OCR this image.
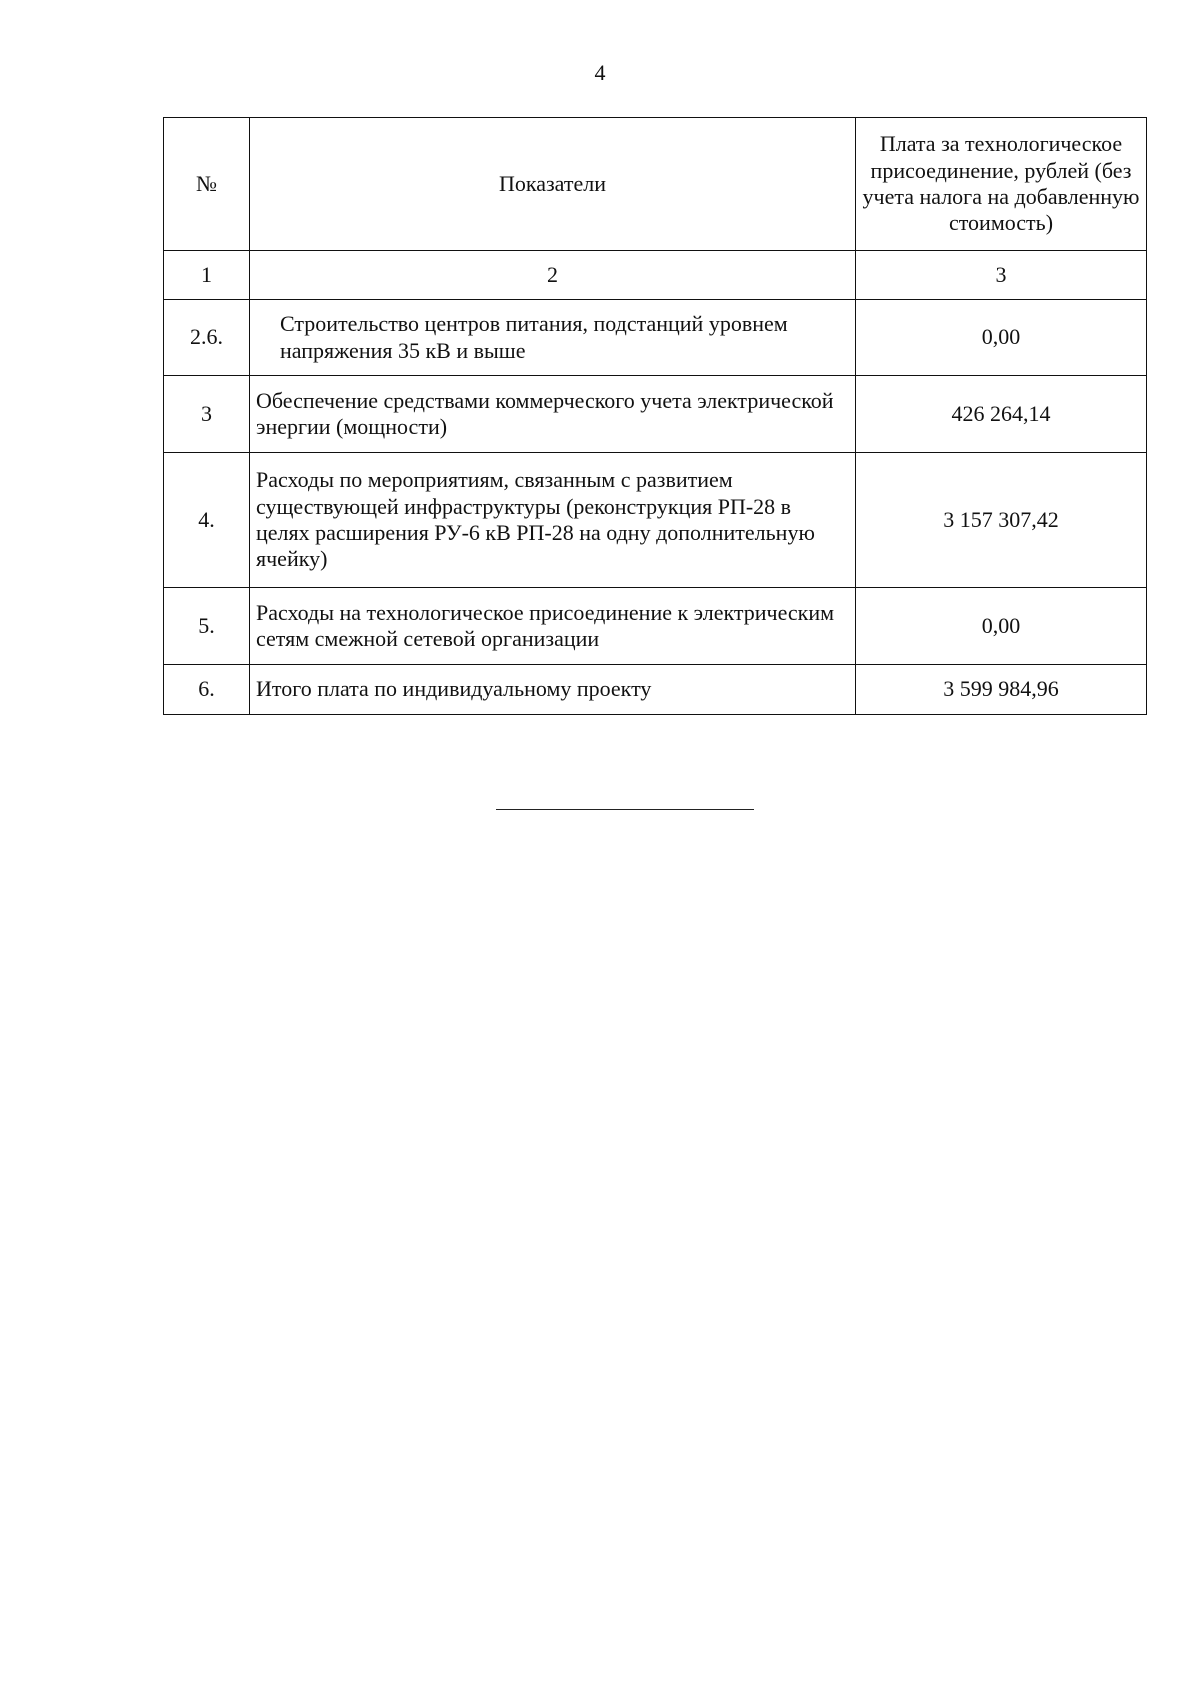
4
№	Показатели	Плата за технологическое присоединение, рублей (без учета налога на добавленную стоимость)
1	2	3
2.6.	Строительство центров питания, подстанций уровнем напряжения 35 кВ и выше	0,00
3	Обеспечение средствами коммерческого учета электрической энергии (мощности)	426 264,14
4.	Расходы по мероприятиям, связанным с развитием существующей инфраструктуры (реконструкция РП-28 в целях расширения РУ-6 кВ РП-28 на одну дополнительную ячейку)	3 157 307,42
5.	Расходы на технологическое присоединение к электрическим сетям смежной сетевой организации	0,00
6.	Итого плата по индивидуальному проекту	3 599 984,96
